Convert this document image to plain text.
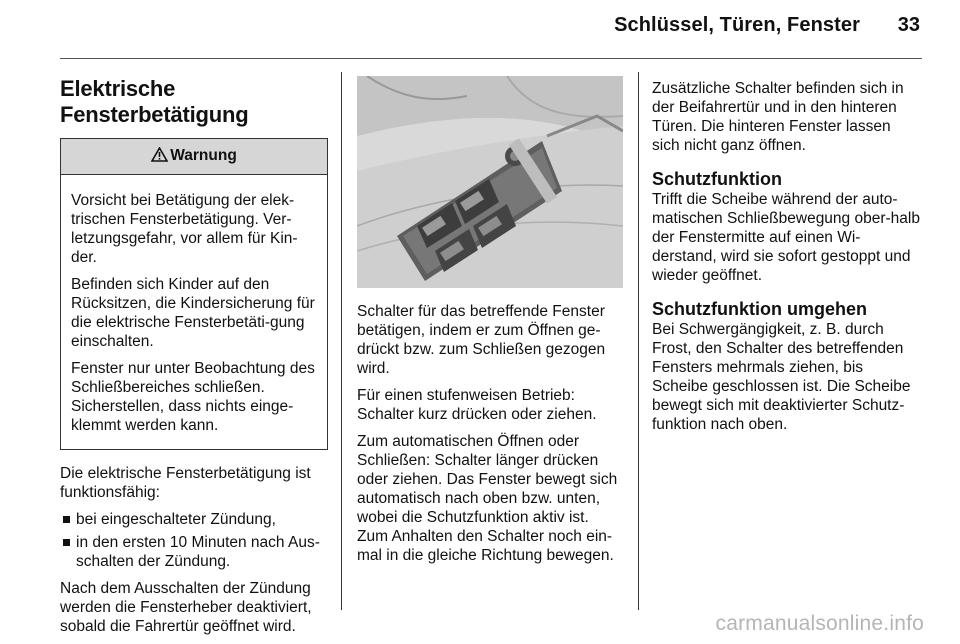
Schlüssel, Türen, Fenster	33
Elektrische
Fensterbetätigung
Warnung

Vorsicht bei Betätigung der elek-trischen Fensterbetätigung. Ver-letzungsgefahr, vor allem für Kin-der.

Befinden sich Kinder auf den Rücksitzen, die Kindersicherung für die elektrische Fensterbetäti-gung einschalten.

Fenster nur unter Beobachtung des Schließbereiches schließen. Sicherstellen, dass nichts einge-klemmt werden kann.

Die elektrische Fensterbetätigung ist funktionsfähig:

bei eingeschalteter Zündung,
in den ersten 10 Minuten nach Aus-schalten der Zündung.

Nach dem Ausschalten der Zündung werden die Fensterheber deaktiviert, sobald die Fahrertür geöffnet wird.

Schalter für das betreffende Fenster betätigen, indem er zum Öffnen ge-drückt bzw. zum Schließen gezogen wird.

Für einen stufenweisen Betrieb: Schalter kurz drücken oder ziehen.

Zum automatischen Öffnen oder Schließen: Schalter länger drücken oder ziehen. Das Fenster bewegt sich automatisch nach oben bzw. unten, wobei die Schutzfunktion aktiv ist. Zum Anhalten den Schalter noch ein-mal in die gleiche Richtung bewegen.

Zusätzliche Schalter befinden sich in der Beifahrertür und in den hinteren Türen. Die hinteren Fenster lassen sich nicht ganz öffnen.

Schutzfunktion

Trifft die Scheibe während der auto-matischen Schließbewegung ober-halb der Fenstermitte auf einen Wi-derstand, wird sie sofort gestoppt und wieder geöffnet.

Schutzfunktion umgehen

Bei Schwergängigkeit, z. B. durch Frost, den Schalter des betreffenden Fensters mehrmals ziehen, bis Scheibe geschlossen ist. Die Scheibe bewegt sich mit deaktivierter Schutz-funktion nach oben.

carmanualsonline.info
